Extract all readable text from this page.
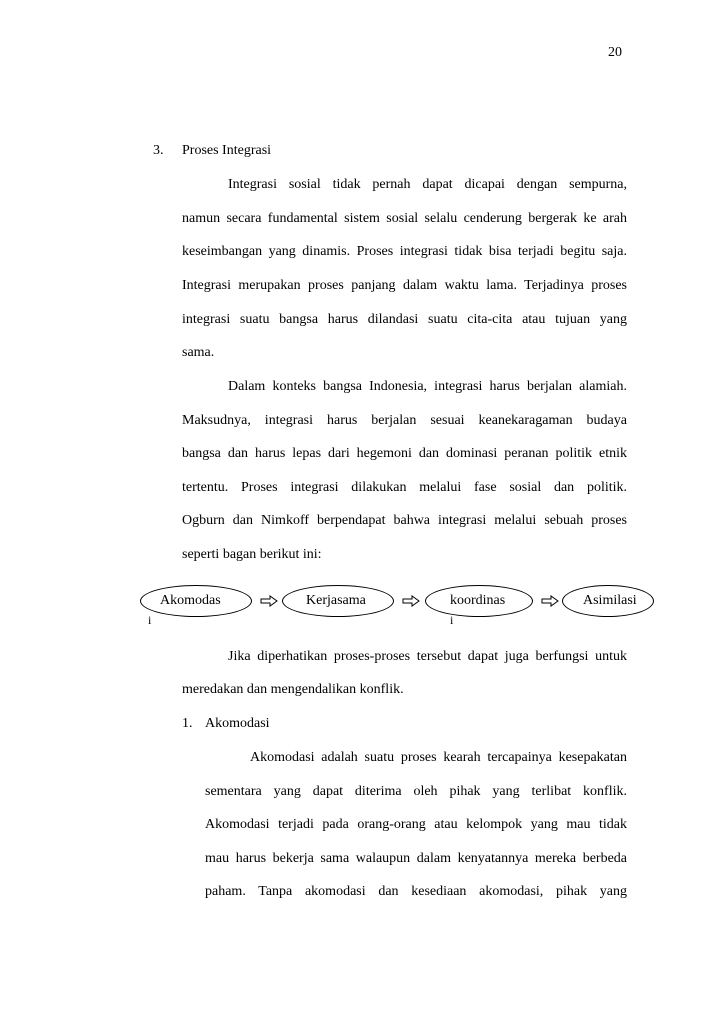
20
3. Proses Integrasi
Integrasi sosial tidak pernah dapat dicapai dengan sempurna,
namun secara fundamental sistem sosial selalu cenderung bergerak ke arah
keseimbangan yang dinamis. Proses integrasi tidak bisa terjadi begitu saja.
Integrasi merupakan proses panjang dalam waktu lama. Terjadinya proses
integrasi suatu bangsa harus dilandasi suatu cita-cita atau tujuan yang
sama.
Dalam konteks bangsa Indonesia, integrasi harus berjalan alamiah.
Maksudnya, integrasi harus berjalan sesuai keanekaragaman budaya
bangsa dan harus lepas dari hegemoni dan dominasi peranan politik etnik
tertentu. Proses integrasi dilakukan melalui fase sosial dan politik.
Ogburn dan Nimkoff berpendapat bahwa integrasi melalui sebuah proses
seperti bagan berikut ini:
Akomodas
i
Kerjasama	koordinas
i
Asimilasi
Jika diperhatikan proses-proses tersebut dapat juga berfungsi untuk
meredakan dan mengendalikan konflik.
1. Akomodasi
Akomodasi adalah suatu proses kearah tercapainya kesepakatan
sementara yang dapat diterima oleh pihak yang terlibat konflik.
Akomodasi terjadi pada orang-orang atau kelompok yang mau tidak
mau harus bekerja sama walaupun dalam kenyatannya mereka berbeda
paham. Tanpa akomodasi dan kesediaan akomodasi, pihak yang
